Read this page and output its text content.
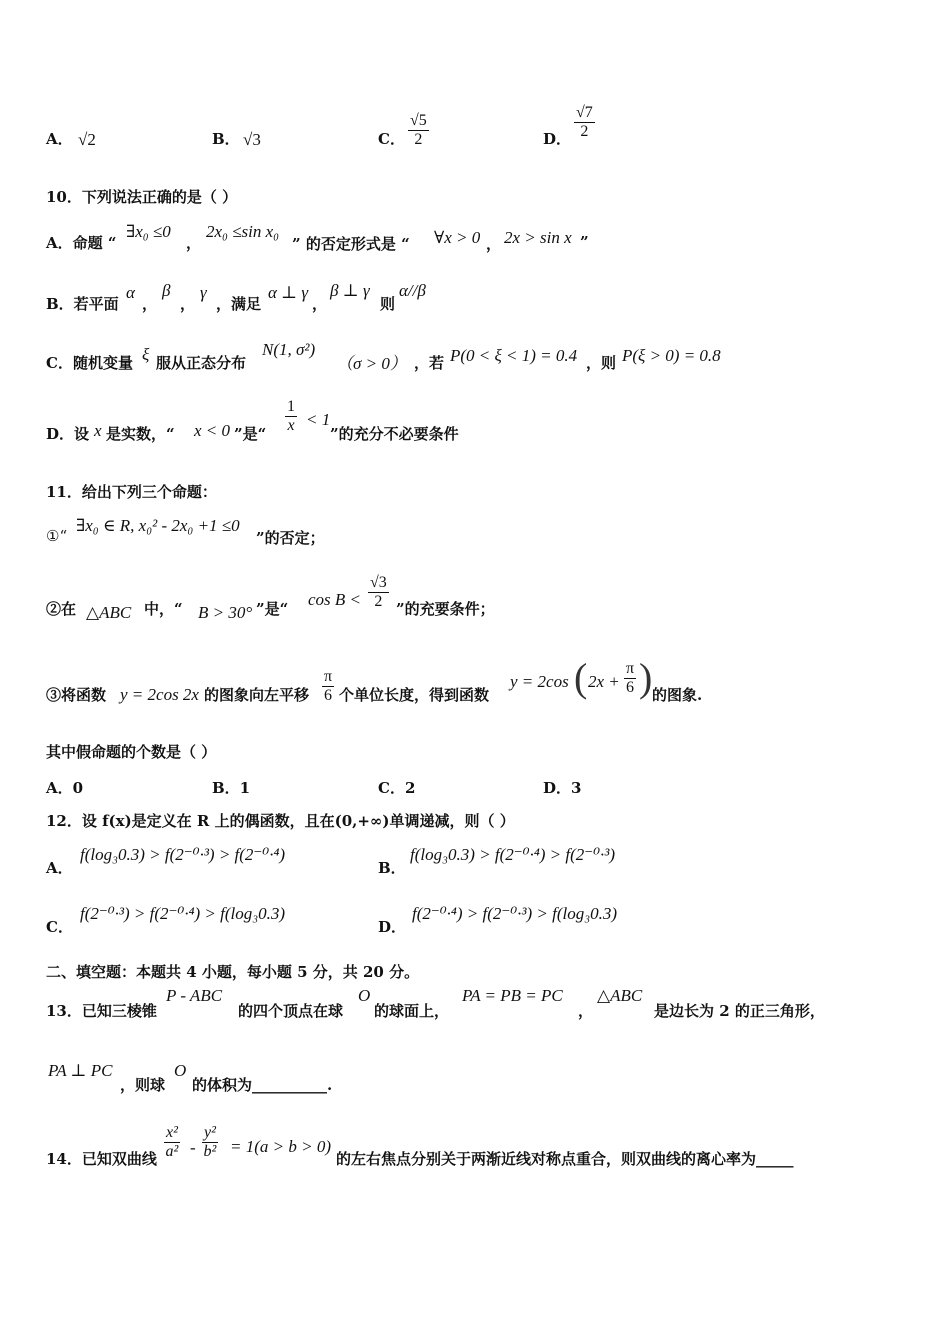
A． √2	B． √3	C． $\frac{√5}{2}$	D． $\frac{√7}{2}$
10．下列说法正确的是（ ）
A．命题 “
∃x₀ ≤0
，
2x₀ ≤sin x₀
” 的否定形式是 “ ∀x > 0 ， 2x > sin x ”
B．若平面
α
，
β
，
γ
，满足
α ⊥ γ
，
β ⊥ γ
则
α//β
C．随机变量 ξ 服从正态分布
N(1, σ²)
（σ > 0） ，若 P(0 < ξ < 1) = 0.4 ，则 P(ξ > 0) = 0.8
D．设 x 是实数，“ x < 0 ”是“ $\frac{1}{x} < 1$
”的充分不必要条件
11．给出下列三个命题：
①“
∃x₀ ∈ R, x₀² - 2x₀ +1 ≤0
”的否定；
②在 △ABC 中，“ B > 30° ”是“ $\cos B < \frac{√3}{2}$ ”的充要条件；
③将函数 y = 2cos 2x 的图象向左平移 $\frac{\pi}{6}$ 个单位长度，得到函数
y = 2cos ( $2x + \frac{\pi}{6}$ ) 的图象.
其中假命题的个数是（ ）
A．0	B．1	C．2	D．3
12．设 f(x)是定义在 R 上的偶函数，且在(0,+∞)单调递减，则（ ）
A．
f(log₃0.3) > f(2⁻⁰·³) > f(2⁻⁰·⁴)
B．
f(log₃0.3) > f(2⁻⁰·⁴) > f(2⁻⁰·³)
C．
f(2⁻⁰·³) > f(2⁻⁰·⁴) > f(log₃0.3)
D．
f(2⁻⁰·⁴) > f(2⁻⁰·³) > f(log₃0.3)
二、填空题：本题共 4 小题，每小题 5 分，共 20 分。
13．已知三棱锥
P - ABC
的四个顶点在球
O
的球面上，
PA = PB = PC
，
△ABC
是边长为 2 的正三角形，
PA ⊥ PC
，则球
O
的体积为__________.
14．已知双曲线 $\frac{\text{x²}}{\text{a²}} - \frac{\text{y²}}{\text{b²}} = 1(a > b > 0)$
的左右焦点分别关于两渐近线对称点重合，则双曲线的离心率为_____
